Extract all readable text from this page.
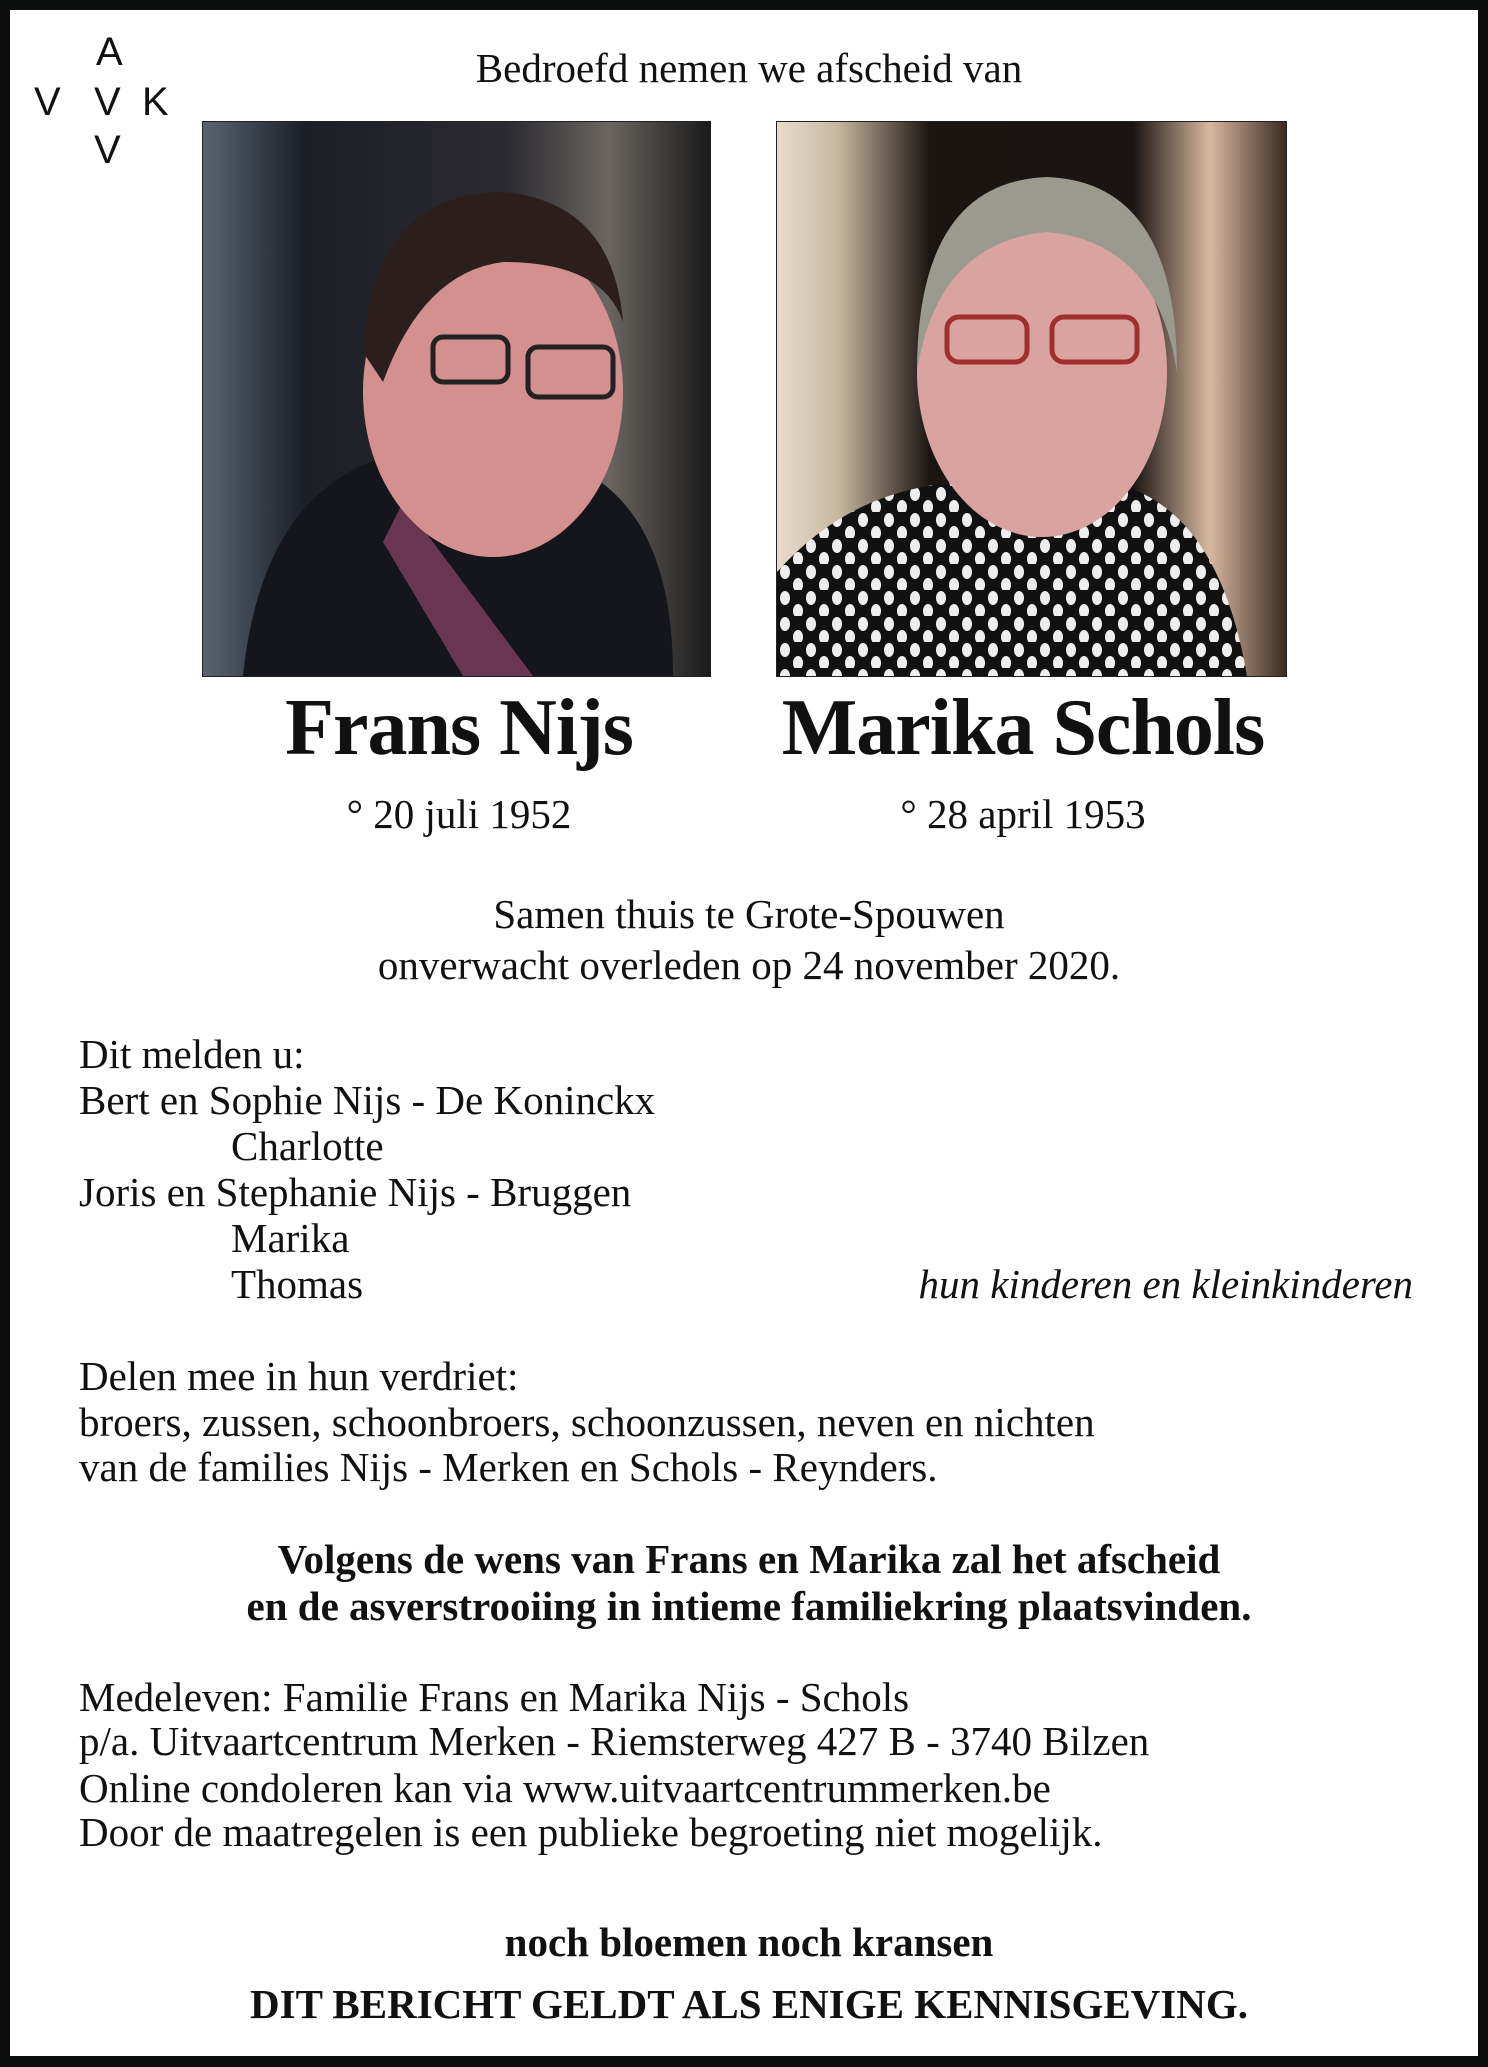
A
V V K
V
Bedroefd nemen we afscheid van
Frans Nijs Marika Schols
° 20 juli 1952	° 28 april 1953
Samen thuis te Grote-Spouwen
onverwacht overleden op 24 november 2020.
Dit melden u:
Bert en Sophie Nijs - De Koninckx
Charlotte
Joris en Stephanie Nijs - Bruggen
Marika
Thomas	hun kinderen en kleinkinderen
Delen mee in hun verdriet:
broers, zussen, schoonbroers, schoonzussen, neven en nichten
van de families Nijs - Merken en Schols - Reynders.
Volgens de wens van Frans en Marika zal het afscheid
en de asverstrooiing in intieme familiekring plaatsvinden.
Medeleven: Familie Frans en Marika Nijs - Schols
p/a. Uitvaartcentrum Merken - Riemsterweg 427 B - 3740 Bilzen
Online condoleren kan via www.uitvaartcentrummerken.be
Door de maatregelen is een publieke begroeting niet mogelijk.
noch bloemen noch kransen
DIT BERICHT GELDT ALS ENIGE KENNISGEVING.
